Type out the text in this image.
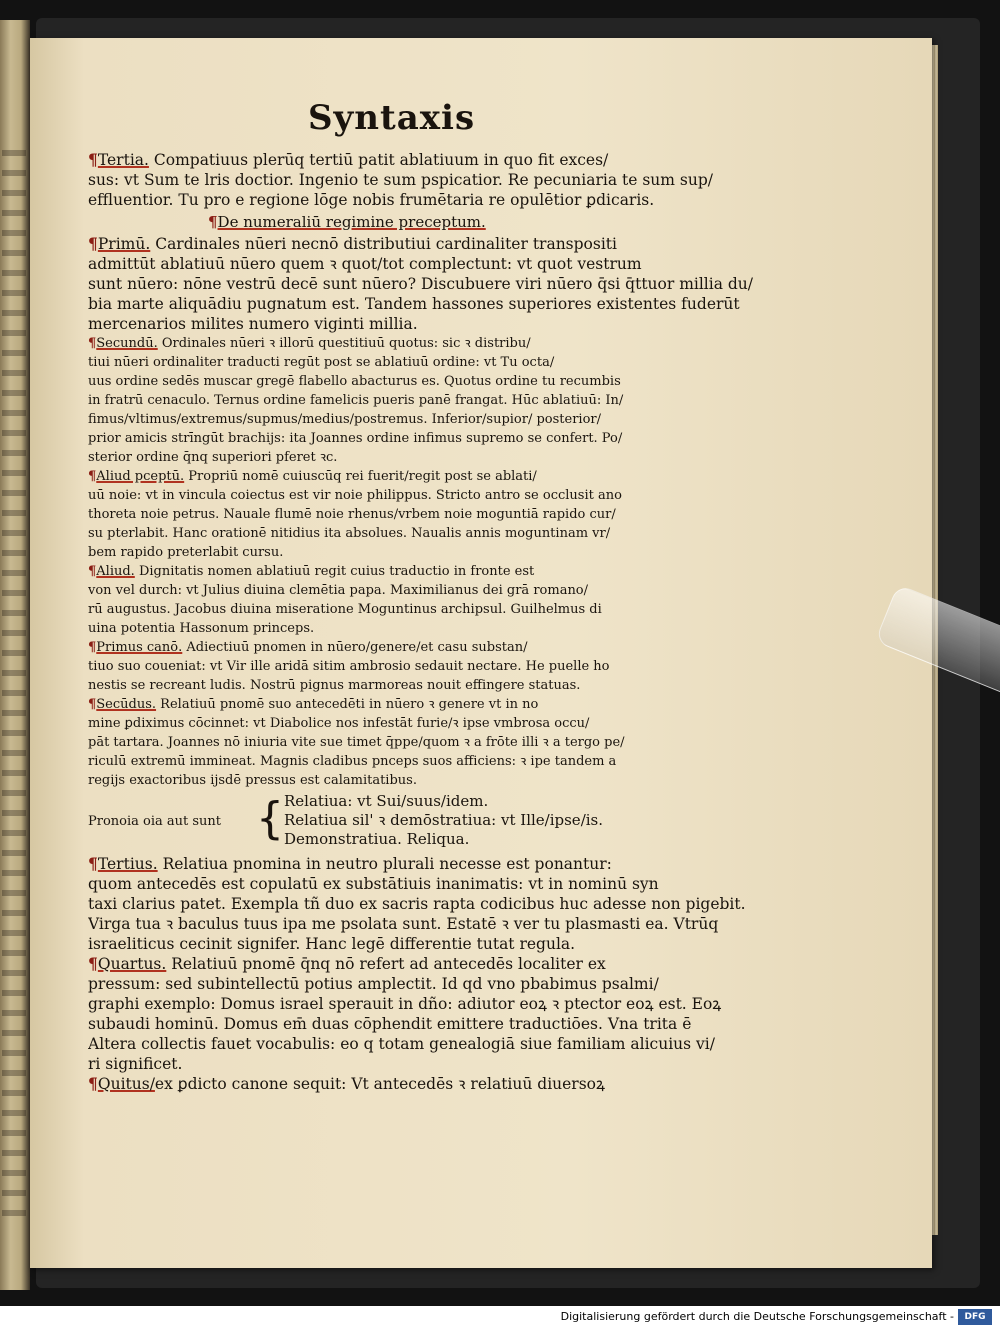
Syntaxis
¶Tertia. Compatiuus plerūq tertiū patit ablatiuum in quo fit exces/
sus: vt Sum te lris doctior. Ingenio te sum pspicatior. Re pecuniaria te sum sup/
effluentior. Tu pro e regione lōge nobis frumētaria re opulētior ꝑdicaris.
¶De numeraliū regimine preceptum.
¶Primū. Cardinales nūeri necnō distributiui cardinaliter transpositi
admittūt ablatiuū nūero quem ꝛ quot/tot complectunt: vt quot vestrum
sunt nūero: nōne vestrū decē sunt nūero? Discubuere viri nūero q̄si q̄ttuor millia du/
bia marte aliquādiu pugnatum est. Tandem hassones superiores existentes fuderūt
mercenarios milites numero viginti millia.
¶Secundū. Ordinales nūeri ꝛ illorū questitiuū quotus: sic ꝛ distribu/
tiui nūeri ordinaliter traducti regūt post se ablatiuū ordine: vt Tu octa/
uus ordine sedēs muscar gregē flabello abacturus es. Quotus ordine tu recumbis
in fratrū cenaculo. Ternus ordine famelicis pueris panē frangat. Hūc ablatiuū: In/
fimus/vltimus/extremus/supmus/medius/postremus. Inferior/supior/ posterior/
prior amicis strīngūt brachijs: ita Joannes ordine infimus supremo se confert. Po/
sterior ordine q̄nq superiori pferet ꝛc.
¶Aliud pceptū. Propriū nomē cuiuscūq rei fuerit/regit post se ablati/
uū noie: vt in vincula coiectus est vir noie philippus. Stricto antro se occlusit ano
thoreta noie petrus. Nauale flumē noie rhenus/vrbem noie moguntiā rapido cur/
su pterlabit. Hanc orationē nitidius ita absolues. Naualis annis moguntinam vr/
bem rapido preterlabit cursu.
¶Aliud. Dignitatis nomen ablatiuū regit cuius traductio in fronte est
von vel durch: vt Julius diuina clemētia papa. Maximilianus dei grā romano/
rū augustus. Jacobus diuina miseratione Moguntinus archipsul. Guilhelmus di
uina potentia Hassonum princeps.
¶Primus canō. Adiectiuū pnomen in nūero/genere/et casu substan/
tiuo suo coueniat: vt Vir ille aridā sitim ambrosio sedauit nectare. He puelle ho
nestis se recreant ludis. Nostrū pignus marmoreas nouit effingere statuas.
¶Secūdus. Relatiuū pnomē suo antecedēti in nūero ꝛ genere vt in no
mine ꝑdiximus cōcinnet: vt Diabolice nos infestāt furie/ꝛ ipse vmbrosa occu/
pāt tartara. Joannes nō iniuria vite sue timet q̄ppe/quom ꝛ a frōte illi ꝛ a tergo pe/
riculū extremū immineat. Magnis cladibus pnceps suos afficiens: ꝛ ipe tandem a
regijs exactoribus ijsdē pressus est calamitatibus.
Pronoia oia aut sunt { Relatiua: vt Sui/suus/idem.
Relatiua sil' ꝛ demōstratiua: vt Ille/ipse/is.
Demonstratiua. Reliqua.
¶Tertius. Relatiua pnomina in neutro plurali necesse est ponantur:
quom antecedēs est copulatū ex substātiuis inanimatis: vt in nominū syn
taxi clarius patet. Exempla tñ duo ex sacris rapta codicibus huc adesse non pigebit.
Virga tua ꝛ baculus tuus ipa me psolata sunt. Estatē ꝛ ver tu plasmasti ea. Vtrūq
israeliticus cecinit signifer. Hanc legē differentie tutat regula.
¶Quartus. Relatiuū pnomē q̄nq nō refert ad antecedēs localiter ex
pressum: sed subintellectū potius amplectit. Id qd vno pbabimus psalmi/
graphi exemplo: Domus israel sperauit in dño: adiutor eoꝝ ꝛ ptector eoꝝ est. Eoꝝ
subaudi hominū. Domus em̄ duas cōphendit emittere traductiōes. Vna trita ē
Altera collectis fauet vocabulis: eo q totam genealogiā siue familiam alicuius vi/
ri significet.
¶Quitus/ex ꝑdicto canone sequit: Vt antecedēs ꝛ relatiuū diuersoꝝ
Digitalisierung gefördert durch die Deutsche Forschungsgemeinschaft -	DFG
